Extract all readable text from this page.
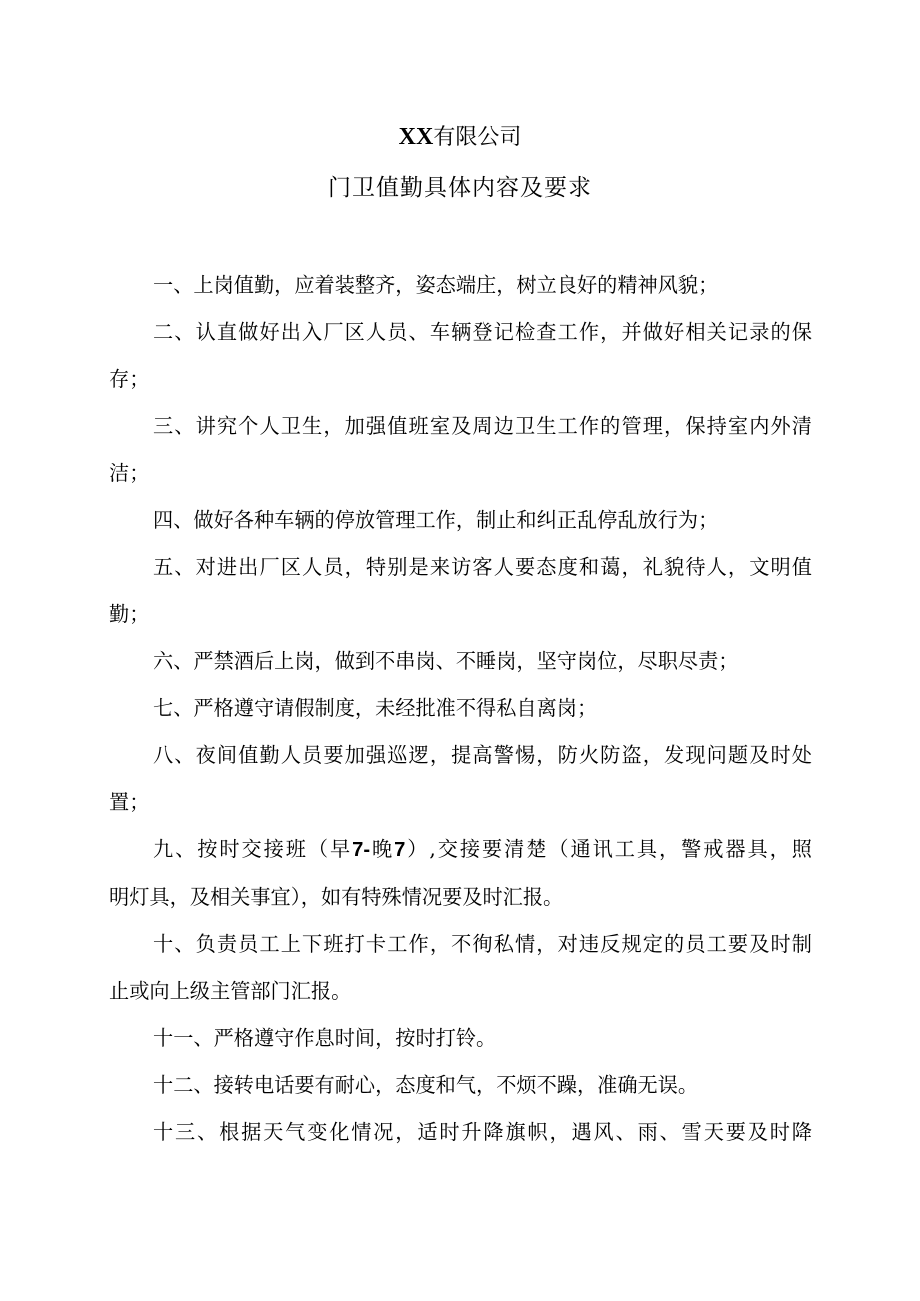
XX有限公司
门卫值勤具体内容及要求
一、上岗值勤，应着装整齐，姿态端庄，树立良好的精神风貌；
二、认直做好出入厂区人员、车辆登记检查工作，并做好相关记录的保
存；
三、讲究个人卫生，加强值班室及周边卫生工作的管理，保持室内外清
洁；
四、做好各种车辆的停放管理工作，制止和纠正乱停乱放行为；
五、对进出厂区人员，特别是来访客人要态度和蔼，礼貌待人，文明值
勤；
六、严禁酒后上岗，做到不串岗、不睡岗，坚守岗位，尽职尽责；
七、严格遵守请假制度，未经批准不得私自离岗；
八、夜间值勤人员要加强巡逻，提高警惕，防火防盗，发现问题及时处
置；
九、按时交接班（早7-晚7）,交接要清楚（通讯工具，警戒器具，照
明灯具，及相关事宜），如有特殊情况要及时汇报。
十、负责员工上下班打卡工作，不徇私情，对违反规定的员工要及时制
止或向上级主管部门汇报。
十一、严格遵守作息时间，按时打铃。
十二、接转电话要有耐心，态度和气，不烦不躁，准确无误。
十三、根据天气变化情况，适时升降旗帜，遇风、雨、雪天要及时降
